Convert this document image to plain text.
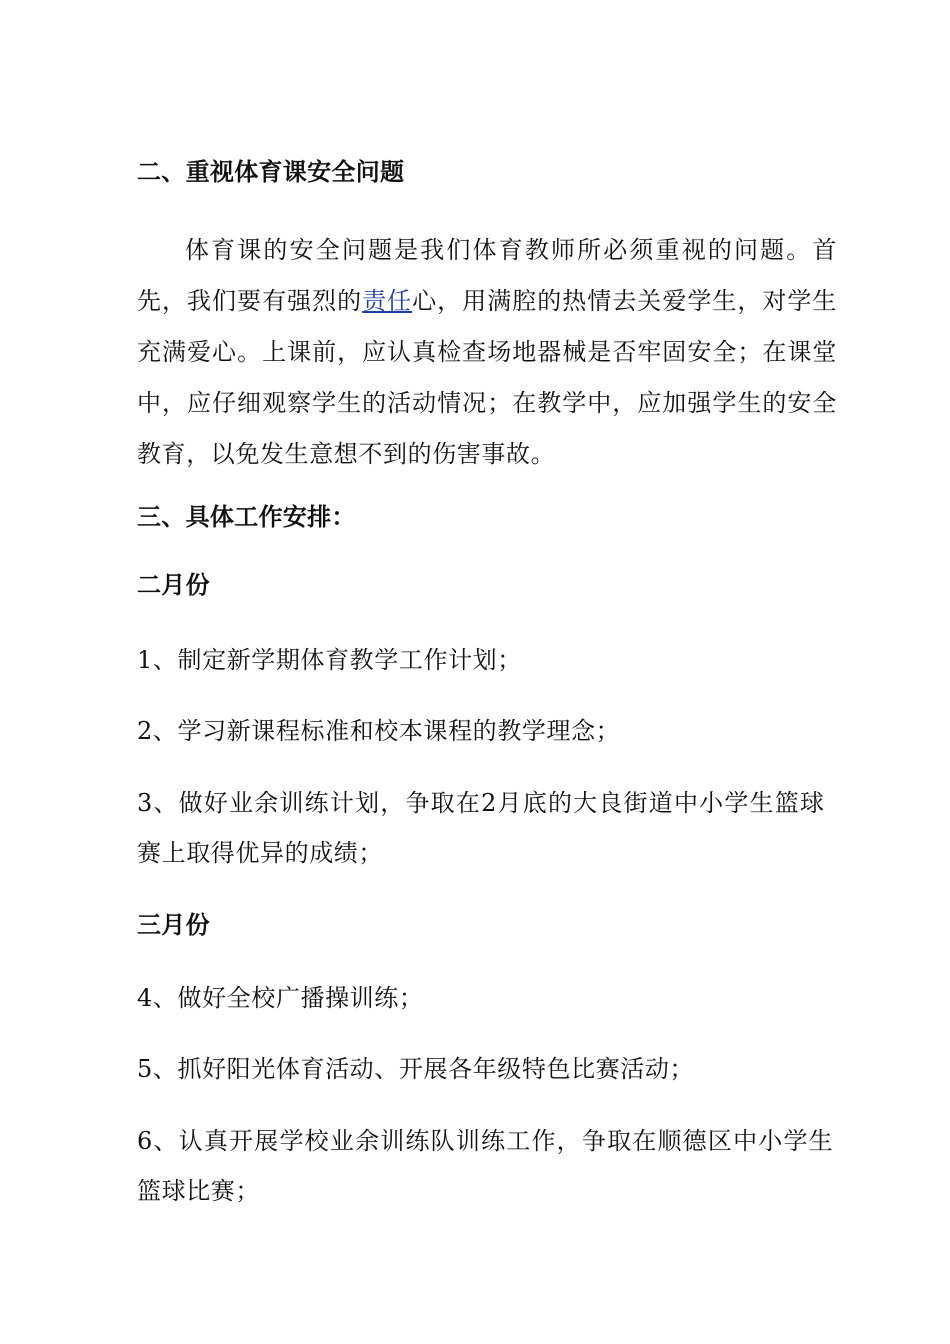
二、重视体育课安全问题
体育课的安全问题是我们体育教师所必须重视的问题。首
先，我们要有强烈的责任心，用满腔的热情去关爱学生，对学生
充满爱心。上课前，应认真检查场地器械是否牢固安全；在课堂
中，应仔细观察学生的活动情况；在教学中，应加强学生的安全
教育，以免发生意想不到的伤害事故。
三、具体工作安排：
二月份
1、制定新学期体育教学工作计划；
2、学习新课程标准和校本课程的教学理念；
3、做好业余训练计划，争取在2月底的大良街道中小学生篮球
赛上取得优异的成绩；
三月份
4、做好全校广播操训练；
5、抓好阳光体育活动、开展各年级特色比赛活动；
6、认真开展学校业余训练队训练工作，争取在顺德区中小学生
篮球比赛；
